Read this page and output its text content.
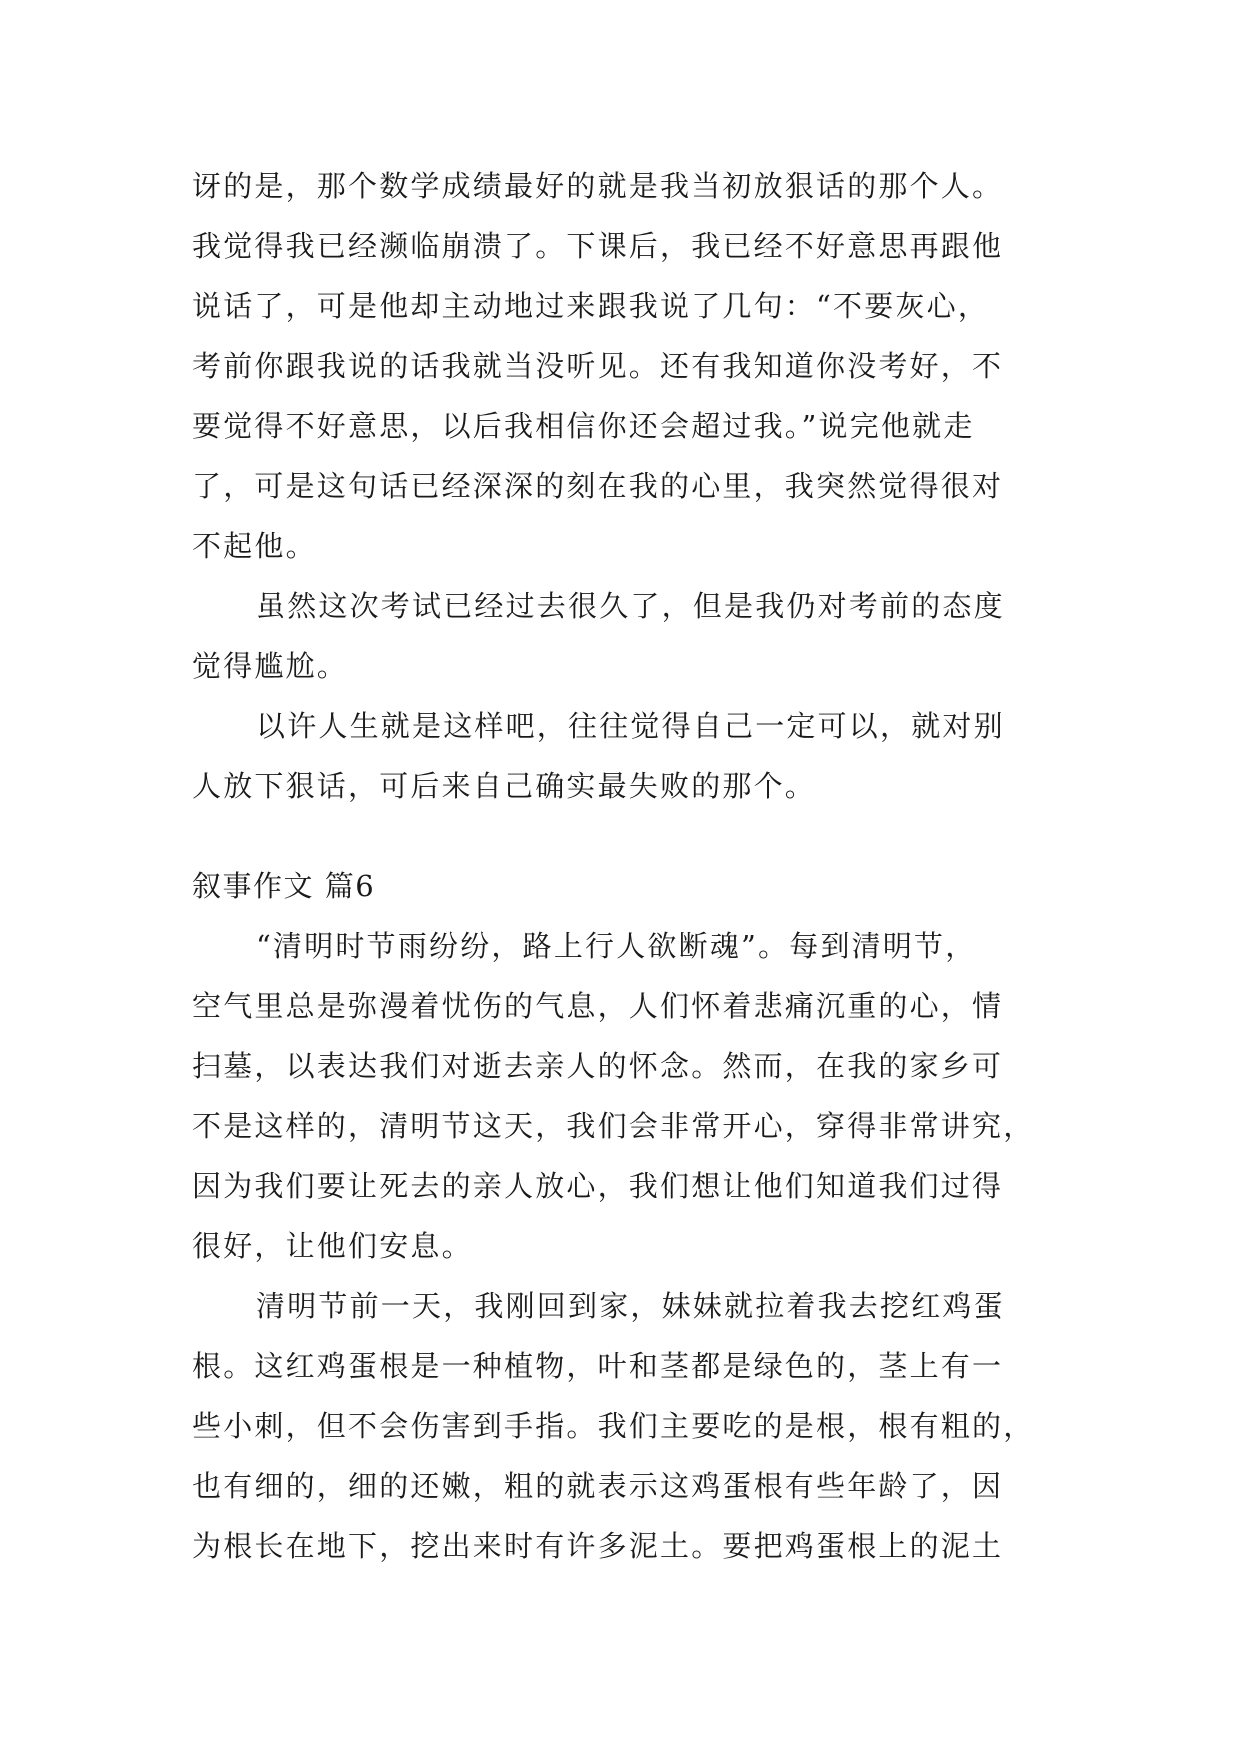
讶的是，那个数学成绩最好的就是我当初放狠话的那个人。
我觉得我已经濒临崩溃了。下课后，我已经不好意思再跟他
说话了，可是他却主动地过来跟我说了几句：“不要灰心，
考前你跟我说的话我就当没听见。还有我知道你没考好，不
要觉得不好意思，以后我相信你还会超过我。”说完他就走
了，可是这句话已经深深的刻在我的心里，我突然觉得很对
不起他。
虽然这次考试已经过去很久了，但是我仍对考前的态度
觉得尴尬。
以许人生就是这样吧，往往觉得自己一定可以，就对别
人放下狠话，可后来自己确实最失败的那个。
叙事作文 篇6
“清明时节雨纷纷，路上行人欲断魂”。每到清明节，
空气里总是弥漫着忧伤的气息，人们怀着悲痛沉重的心，情
扫墓，以表达我们对逝去亲人的怀念。然而，在我的家乡可
不是这样的，清明节这天，我们会非常开心，穿得非常讲究，
因为我们要让死去的亲人放心，我们想让他们知道我们过得
很好，让他们安息。
清明节前一天，我刚回到家，妹妹就拉着我去挖红鸡蛋
根。这红鸡蛋根是一种植物，叶和茎都是绿色的，茎上有一
些小刺，但不会伤害到手指。我们主要吃的是根，根有粗的，
也有细的，细的还嫩，粗的就表示这鸡蛋根有些年龄了，因
为根长在地下，挖出来时有许多泥土。要把鸡蛋根上的泥土
